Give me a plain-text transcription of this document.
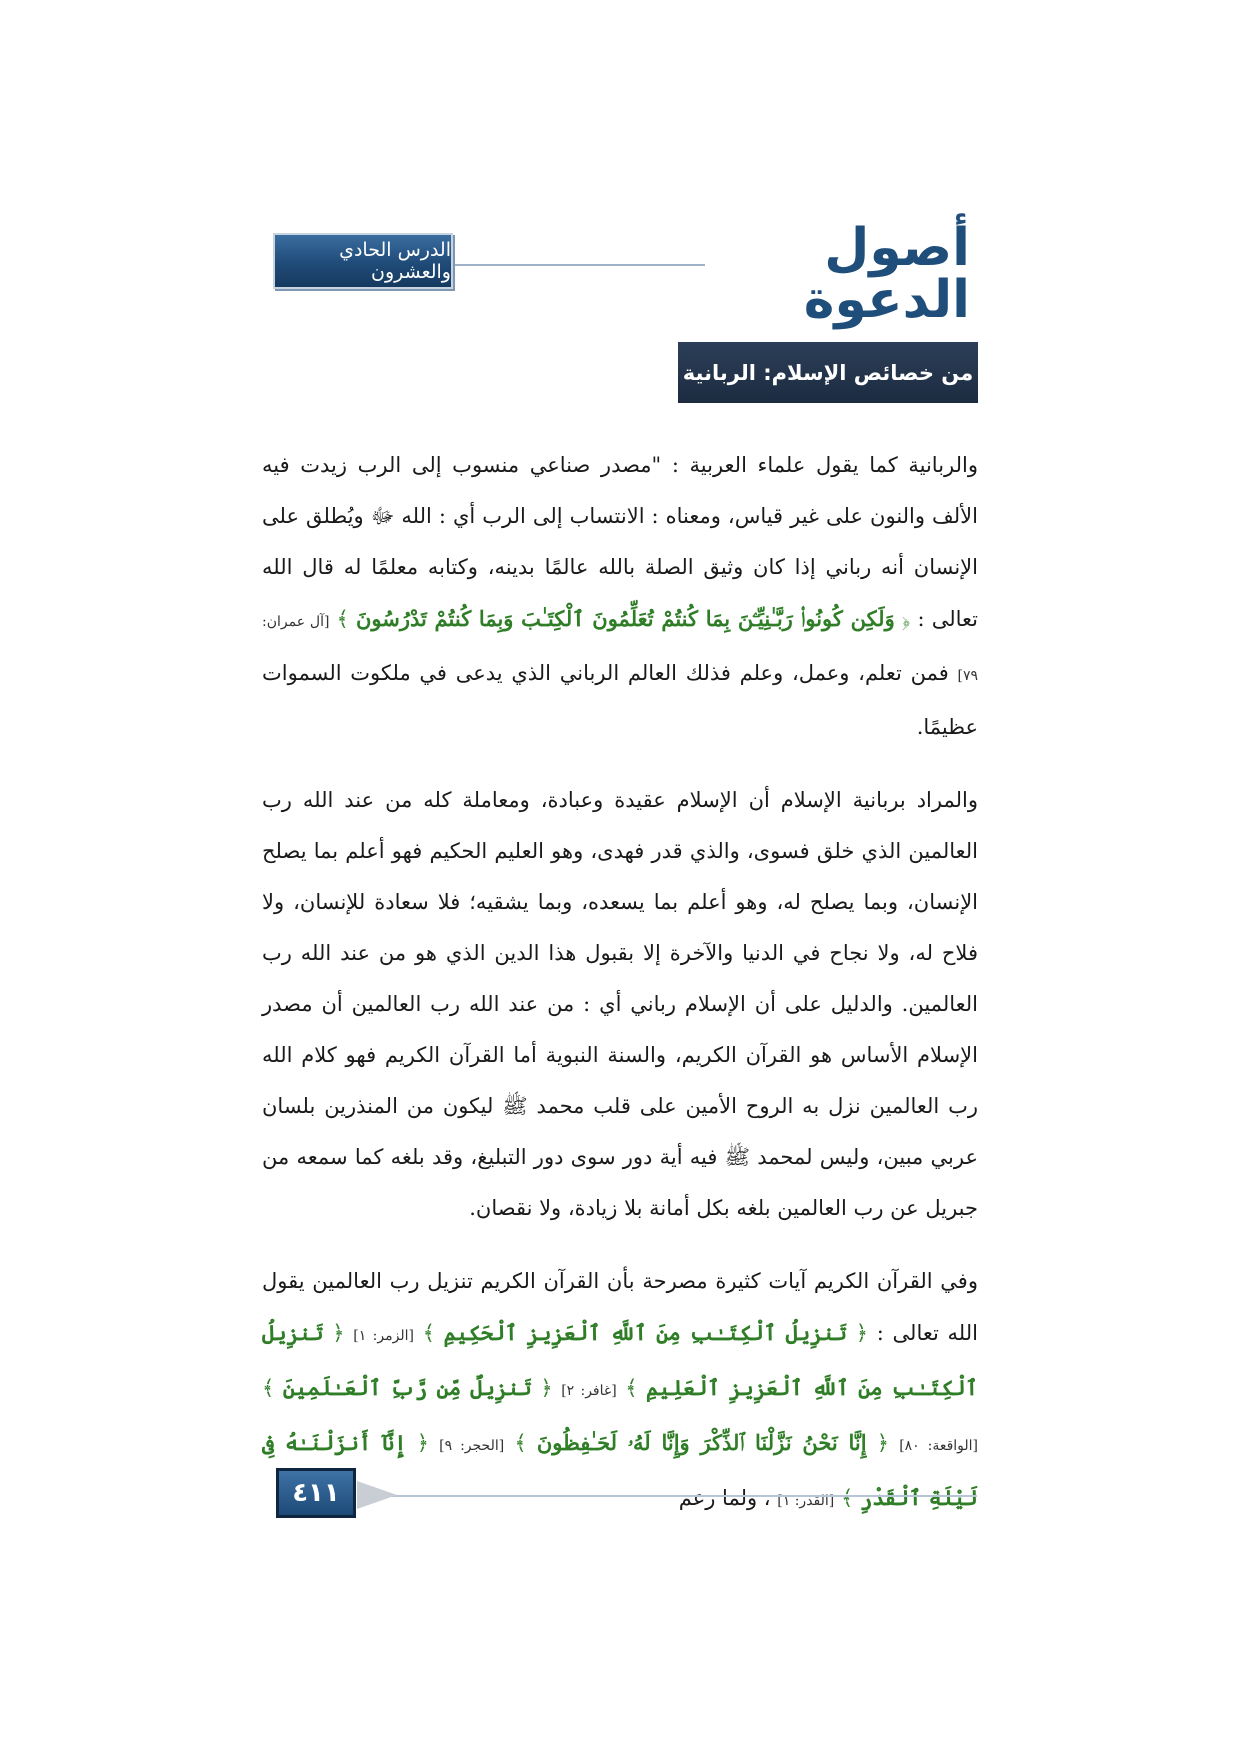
أصول الدعوة
الدرس الحادي والعشرون
من خصائص الإسلام: الربانية

والربانية كما يقول علماء العربية : "مصدر صناعي منسوب إلى الرب زيدت فيه الألف والنون على غير قياس، ومعناه : الانتساب إلى الرب أي : الله ﷻ ويُطلق على الإنسان أنه رباني إذا كان وثيق الصلة بالله عالمًا بدينه، وكتابه معلمًا له قال الله تعالى : ﴿ وَلَكِن كُونُوا۟ رَبَّـٰنِيِّـۧنَ بِمَا كُنتُمْ تُعَلِّمُونَ ٱلْكِتَـٰبَ وَبِمَا كُنتُمْ تَدْرُسُونَ ﴾ [آل عمران: ٧٩] فمن تعلم، وعمل، وعلم فذلك العالم الرباني الذي يدعى في ملكوت السموات عظيمًا.

والمراد بربانية الإسلام أن الإسلام عقيدة وعبادة، ومعاملة كله من عند الله رب العالمين الذي خلق فسوى، والذي قدر فهدى، وهو العليم الحكيم فهو أعلم بما يصلح الإنسان، وبما يصلح له، وهو أعلم بما يسعده، وبما يشقيه؛ فلا سعادة للإنسان، ولا فلاح له، ولا نجاح في الدنيا والآخرة إلا بقبول هذا الدين الذي هو من عند الله رب العالمين. والدليل على أن الإسلام رباني أي : من عند الله رب العالمين أن مصدر الإسلام الأساس هو القرآن الكريم، والسنة النبوية أما القرآن الكريم فهو كلام الله رب العالمين نزل به الروح الأمين على قلب محمد ﷺ ليكون من المنذرين بلسان عربي مبين، وليس لمحمد ﷺ فيه أية دور سوى دور التبليغ، وقد بلغه كما سمعه من جبريل عن رب العالمين بلغه بكل أمانة بلا زيادة، ولا نقصان.

وفي القرآن الكريم آيات كثيرة مصرحة بأن القرآن الكريم تنزيل رب العالمين يقول الله تعالى : ﴿ تَنزِيلُ ٱلْكِتَـٰبِ مِنَ ٱللَّهِ ٱلْعَزِيزِ ٱلْحَكِيمِ ﴾ [الزمر: ١] ﴿ تَنزِيلُ ٱلْكِتَـٰبِ مِنَ ٱللَّهِ ٱلْعَزِيزِ ٱلْعَلِيمِ ﴾ [غافر: ٢] ﴿ تَنزِيلٌ مِّن رَّبِّ ٱلْعَـٰلَمِينَ ﴾ [الواقعة: ٨٠] ﴿ إِنَّا نَحْنُ نَزَّلْنَا ٱلذِّكْرَ وَإِنَّا لَهُۥ لَحَـٰفِظُونَ ﴾ [الحجر: ٩] ﴿ إِنَّآ أَنزَلْنَـٰهُ فِى لَيْلَةِ ٱلْقَدْرِ ﴾ [القدر: ١] ، ولما زعم

٤١١
